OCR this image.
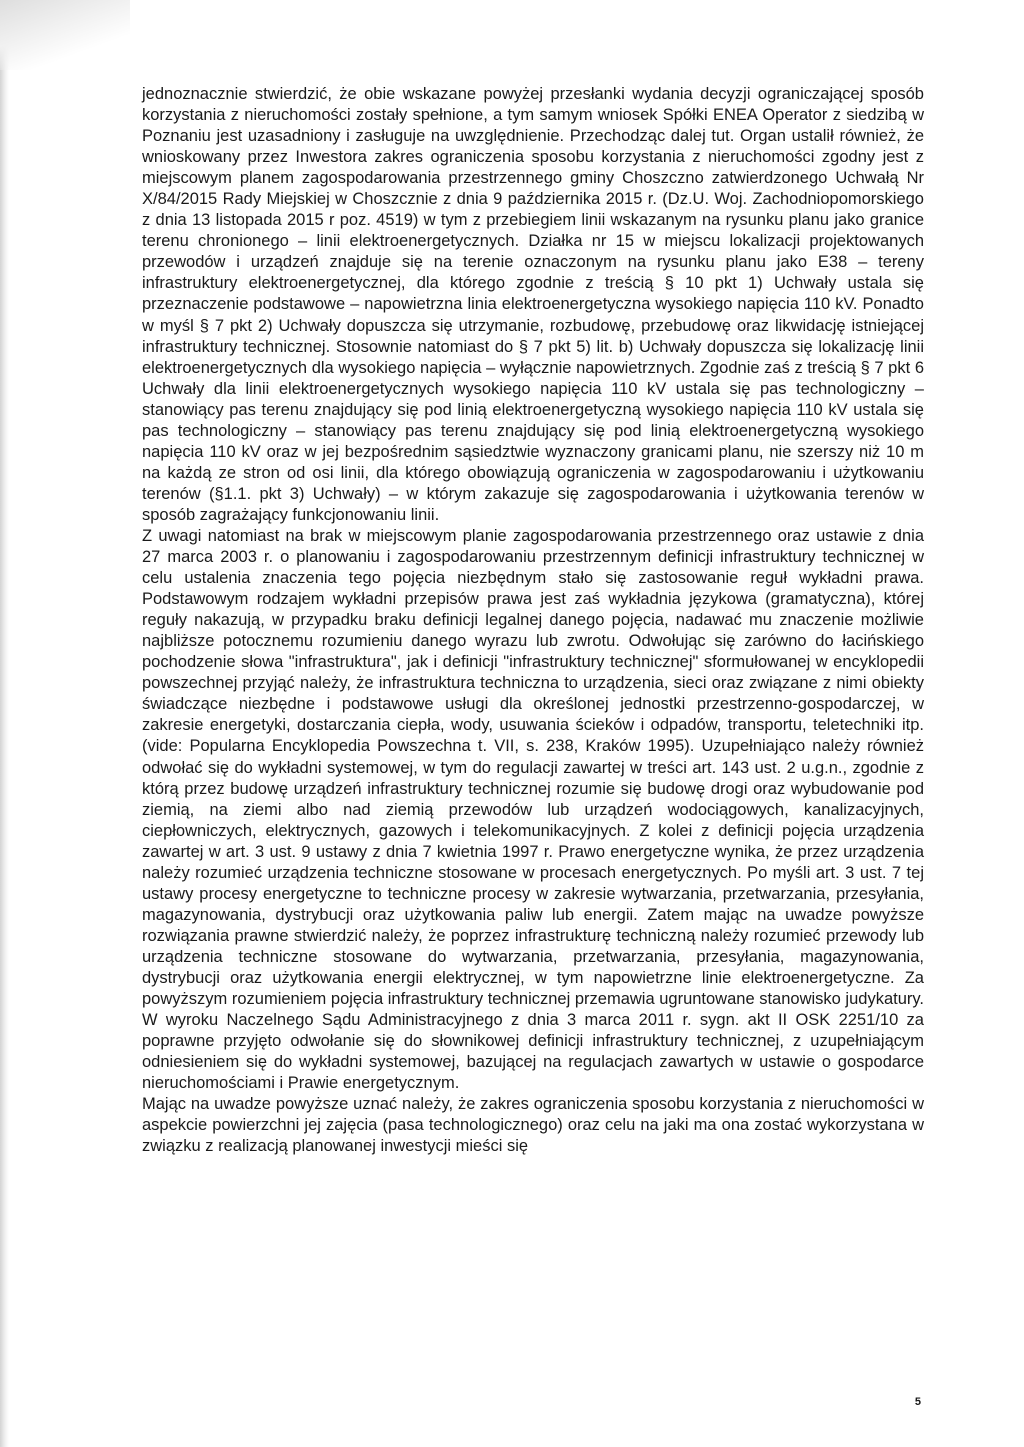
jednoznacznie stwierdzić, że obie wskazane powyżej przesłanki wydania decyzji ograniczającej sposób korzystania z nieruchomości zostały spełnione, a tym samym wniosek Spółki ENEA Operator z siedzibą w Poznaniu jest uzasadniony i zasługuje na uwzględnienie. Przechodząc dalej tut. Organ ustalił również, że wnioskowany przez Inwestora zakres ograniczenia sposobu korzystania z nieruchomości zgodny jest z miejscowym planem zagospodarowania przestrzennego gminy Choszczno zatwierdzonego Uchwałą Nr X/84/2015 Rady Miejskiej w Choszcznie z dnia 9 października 2015 r. (Dz.U. Woj. Zachodniopomorskiego z dnia 13 listopada 2015 r poz. 4519) w tym z przebiegiem linii wskazanym na rysunku planu jako granice terenu chronionego – linii elektroenergetycznych. Działka nr 15 w miejscu lokalizacji projektowanych przewodów i urządzeń znajduje się na terenie oznaczonym na rysunku planu jako E38 – tereny infrastruktury elektroenergetycznej, dla którego zgodnie z treścią § 10 pkt 1) Uchwały ustala się przeznaczenie podstawowe – napowietrzna linia elektroenergetyczna wysokiego napięcia 110 kV. Ponadto w myśl § 7 pkt 2) Uchwały dopuszcza się utrzymanie, rozbudowę, przebudowę oraz likwidację istniejącej infrastruktury technicznej. Stosownie natomiast do § 7 pkt 5) lit. b) Uchwały dopuszcza się lokalizację linii elektroenergetycznych dla wysokiego napięcia – wyłącznie napowietrznych. Zgodnie zaś z treścią § 7 pkt 6 Uchwały dla linii elektroenergetycznych wysokiego napięcia 110 kV ustala się pas technologiczny – stanowiący pas terenu znajdujący się pod linią elektroenergetyczną wysokiego napięcia 110 kV ustala się pas technologiczny – stanowiący pas terenu znajdujący się pod linią elektroenergetyczną wysokiego napięcia 110 kV oraz w jej bezpośrednim sąsiedztwie wyznaczony granicami planu, nie szerszy niż 10 m na każdą ze stron od osi linii, dla którego obowiązują ograniczenia w zagospodarowaniu i użytkowaniu terenów (§1.1. pkt 3) Uchwały) – w którym zakazuje się zagospodarowania i użytkowania terenów w sposób zagrażający funkcjonowaniu linii.

Z uwagi natomiast na brak w miejscowym planie zagospodarowania przestrzennego oraz ustawie z dnia 27 marca 2003 r. o planowaniu i zagospodarowaniu przestrzennym definicji infrastruktury technicznej w celu ustalenia znaczenia tego pojęcia niezbędnym stało się zastosowanie reguł wykładni prawa. Podstawowym rodzajem wykładni przepisów prawa jest zaś wykładnia językowa (gramatyczna), której reguły nakazują, w przypadku braku definicji legalnej danego pojęcia, nadawać mu znaczenie możliwie najbliższe potocznemu rozumieniu danego wyrazu lub zwrotu. Odwołując się zarówno do łacińskiego pochodzenie słowa "infrastruktura", jak i definicji "infrastruktury technicznej" sformułowanej w encyklopedii powszechnej przyjąć należy, że infrastruktura techniczna to urządzenia, sieci oraz związane z nimi obiekty świadczące niezbędne i podstawowe usługi dla określonej jednostki przestrzenno-gospodarczej, w zakresie energetyki, dostarczania ciepła, wody, usuwania ścieków i odpadów, transportu, teletechniki itp. (vide: Popularna Encyklopedia Powszechna t. VII, s. 238, Kraków 1995). Uzupełniająco należy również odwołać się do wykładni systemowej, w tym do regulacji zawartej w treści art. 143 ust. 2 u.g.n., zgodnie z którą przez budowę urządzeń infrastruktury technicznej rozumie się budowę drogi oraz wybudowanie pod ziemią, na ziemi albo nad ziemią przewodów lub urządzeń wodociągowych, kanalizacyjnych, ciepłowniczych, elektrycznych, gazowych i telekomunikacyjnych. Z kolei z definicji pojęcia urządzenia zawartej w art. 3 ust. 9 ustawy z dnia 7 kwietnia 1997 r. Prawo energetyczne wynika, że przez urządzenia należy rozumieć urządzenia techniczne stosowane w procesach energetycznych. Po myśli art. 3 ust. 7 tej ustawy procesy energetyczne to techniczne procesy w zakresie wytwarzania, przetwarzania, przesyłania, magazynowania, dystrybucji oraz użytkowania paliw lub energii. Zatem mając na uwadze powyższe rozwiązania prawne stwierdzić należy, że poprzez infrastrukturę techniczną należy rozumieć przewody lub urządzenia techniczne stosowane do wytwarzania, przetwarzania, przesyłania, magazynowania, dystrybucji oraz użytkowania energii elektrycznej, w tym napowietrzne linie elektroenergetyczne. Za powyższym rozumieniem pojęcia infrastruktury technicznej przemawia ugruntowane stanowisko judykatury. W wyroku Naczelnego Sądu Administracyjnego z dnia 3 marca 2011 r. sygn. akt II OSK 2251/10 za poprawne przyjęto odwołanie się do słownikowej definicji infrastruktury technicznej, z uzupełniającym odniesieniem się do wykładni systemowej, bazującej na regulacjach zawartych w ustawie o gospodarce nieruchomościami i Prawie energetycznym.

Mając na uwadze powyższe uznać należy, że zakres ograniczenia sposobu korzystania z nieruchomości w aspekcie powierzchni jej zajęcia (pasa technologicznego) oraz celu na jaki ma ona zostać wykorzystana w związku z realizacją planowanej inwestycji mieści się

5
